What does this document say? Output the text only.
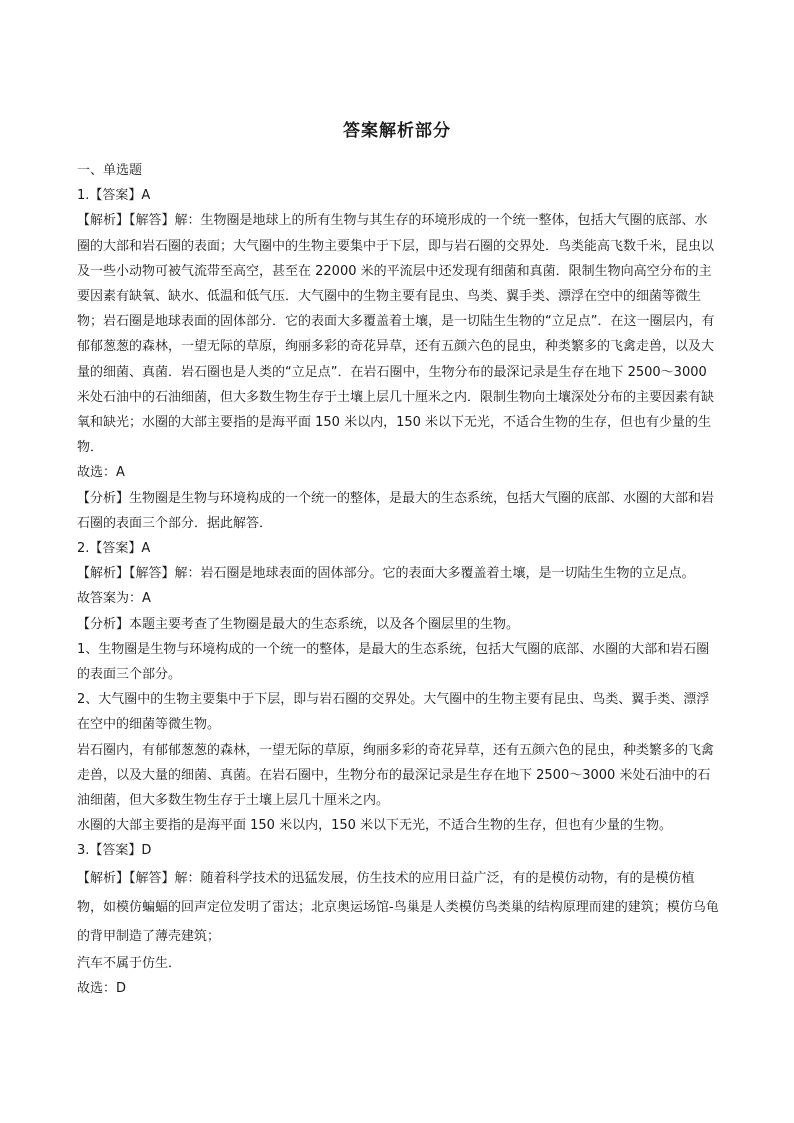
答案解析部分

一、单选题

1.【答案】A

【解析】【解答】解：生物圈是地球上的所有生物与其生存的环境形成的一个统一整体，包括大气圈的底部、水圈的大部和岩石圈的表面；大气圈中的生物主要集中于下层，即与岩石圈的交界处．鸟类能高飞数千米，昆虫以及一些小动物可被气流带至高空，甚至在 22000 米的平流层中还发现有细菌和真菌．限制生物向高空分布的主要因素有缺氧、缺水、低温和低气压．大气圈中的生物主要有昆虫、鸟类、翼手类、漂浮在空中的细菌等微生物；岩石圈是地球表面的固体部分．它的表面大多覆盖着土壤，是一切陆生生物的“立足点”．在这一圈层内，有郁郁葱葱的森林，一望无际的草原，绚丽多彩的奇花异草，还有五颜六色的昆虫，种类繁多的飞禽走兽，以及大量的细菌、真菌．岩石圈也是人类的“立足点”．在岩石圈中，生物分布的最深记录是生存在地下 2500～3000 米处石油中的石油细菌，但大多数生物生存于土壤上层几十厘米之内．限制生物向土壤深处分布的主要因素有缺氧和缺光；水圈的大部主要指的是海平面 150 米以内，150 米以下无光，不适合生物的生存，但也有少量的生物．

故选：A

【分析】生物圈是生物与环境构成的一个统一的整体，是最大的生态系统，包括大气圈的底部、水圈的大部和岩石圈的表面三个部分．据此解答．

2.【答案】A

【解析】【解答】解：岩石圈是地球表面的固体部分。它的表面大多覆盖着土壤，是一切陆生生物的立足点。

故答案为：A

【分析】本题主要考查了生物圈是最大的生态系统，以及各个圈层里的生物。

1、生物圈是生物与环境构成的一个统一的整体，是最大的生态系统，包括大气圈的底部、水圈的大部和岩石圈的表面三个部分。

2、大气圈中的生物主要集中于下层，即与岩石圈的交界处。大气圈中的生物主要有昆虫、鸟类、翼手类、漂浮在空中的细菌等微生物。

岩石圈内，有郁郁葱葱的森林，一望无际的草原，绚丽多彩的奇花异草，还有五颜六色的昆虫，种类繁多的飞禽走兽，以及大量的细菌、真菌。在岩石圈中，生物分布的最深记录是生存在地下 2500～3000 米处石油中的石油细菌，但大多数生物生存于土壤上层几十厘米之内。

水圈的大部主要指的是海平面 150 米以内，150 米以下无光，不适合生物的生存，但也有少量的生物。

3.【答案】D

【解析】【解答】解：随着科学技术的迅猛发展，仿生技术的应用日益广泛，有的是模仿动物，有的是模仿植物，如模仿蝙蝠的回声定位发明了雷达；北京奥运场馆-鸟巢是人类模仿鸟类巢的结构原理而建的建筑；模仿乌龟的背甲制造了薄壳建筑；

汽车不属于仿生．

故选：D
